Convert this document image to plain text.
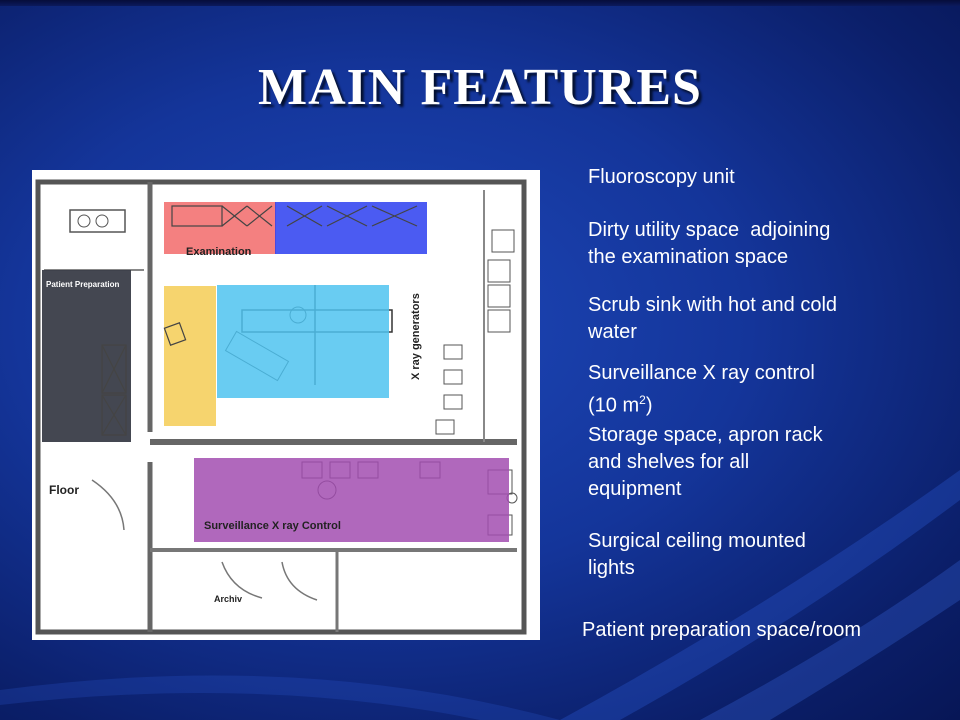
MAIN FEATURES
Examination
Patient Preparation
X ray generators
Floor
Surveillance X ray Control
Archiv
Fluoroscopy unit
Dirty utility space  adjoining
the examination space
Scrub sink with hot and cold
water
Surveillance X ray control
(10 $m^2$)
Storage space, apron rack
and shelves for all
equipment
Surgical ceiling mounted
lights
Patient preparation space/room
